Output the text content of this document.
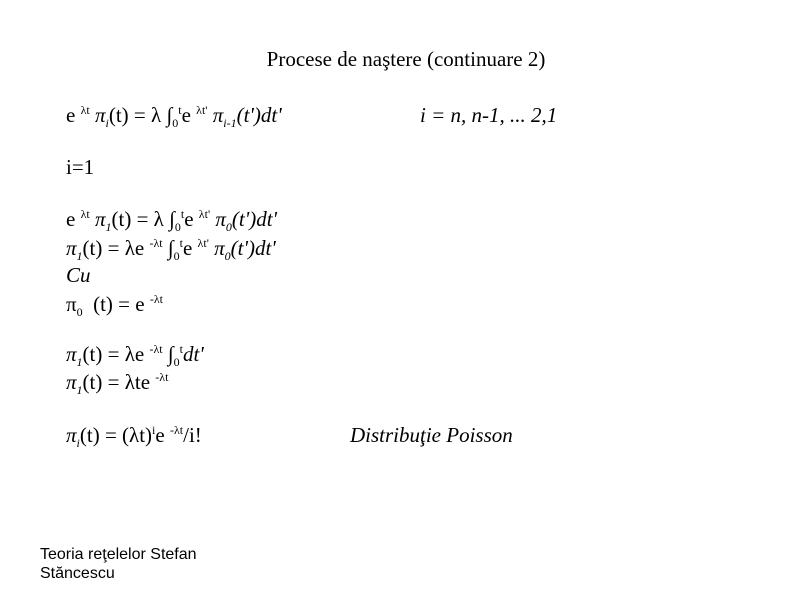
Procese de naştere (continuare 2)
e $^{\lambda t}$ $\pi_i(t) = \lambda$ $\int_0^te$ $^{\lambda t'}$ $\pi_{i-1}(t')dt'$	i = n, n-1, ... 2,1
i=1
e $^{\lambda t}$ $\pi_1(t) = \lambda$ $\int_0^te$ $^{\lambda t'}$ $\pi_0(t')dt'$
$\pi_1(t) = \lambda e$ $^{-\lambda t}$ $\int_0^te$ $^{\lambda t'}$ $\pi_0(t')dt'$
Cu
$\pi_0$  (t) = e $^{-\lambda t}$
$\pi_1(t) = \lambda e$ $^{-\lambda t}$ $\int_0^tdt'$
$\pi_1(t) = \lambda te$ $^{-\lambda t}$
$\pi_i(t) = (\lambda t)^ie$ $^{-\lambda t}$/i!	Distribuţie Poisson
Teoria reţelelor Stefan Stăncescu
